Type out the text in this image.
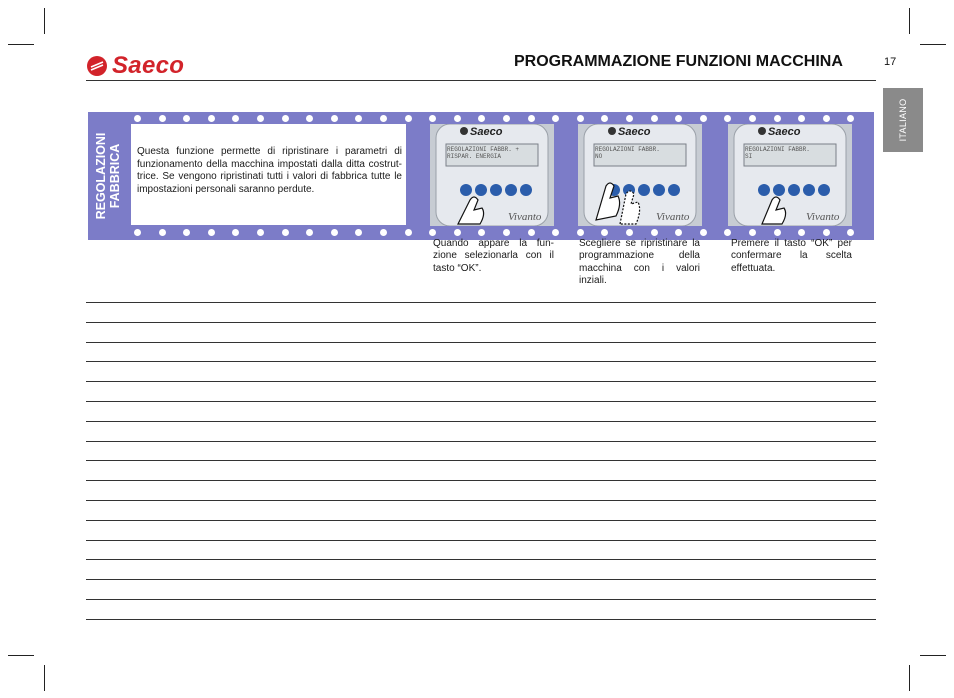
Saeco	PROGRAMMAZIONE FUNZIONI MACCHINA	17
ITALIANO
REGOLAZIONI
FABBRICA Questa funzione permette di ripristinare i parametri di funzionamento della macchina impostati dalla ditta costrut- trice. Se vengono ripristinati tutti i valori di fabbrica tutte le impostazioni personali saranno perdute.

Saeco
Vivanto
REGOLAZIONI FABBR. +
RISPAR. ENERGIA
Saeco
Vivanto
REGOLAZIONI FABBR.
NO
Saeco
Vivanto
REGOLAZIONI FABBR.
SI

Quando appare la fun- zione selezionarla con il tasto “OK”.

Scegliere se ripristinare la programmazione della macchina con i valori inziali.

Premere il tasto “OK” per confermare la scelta effettuata.
